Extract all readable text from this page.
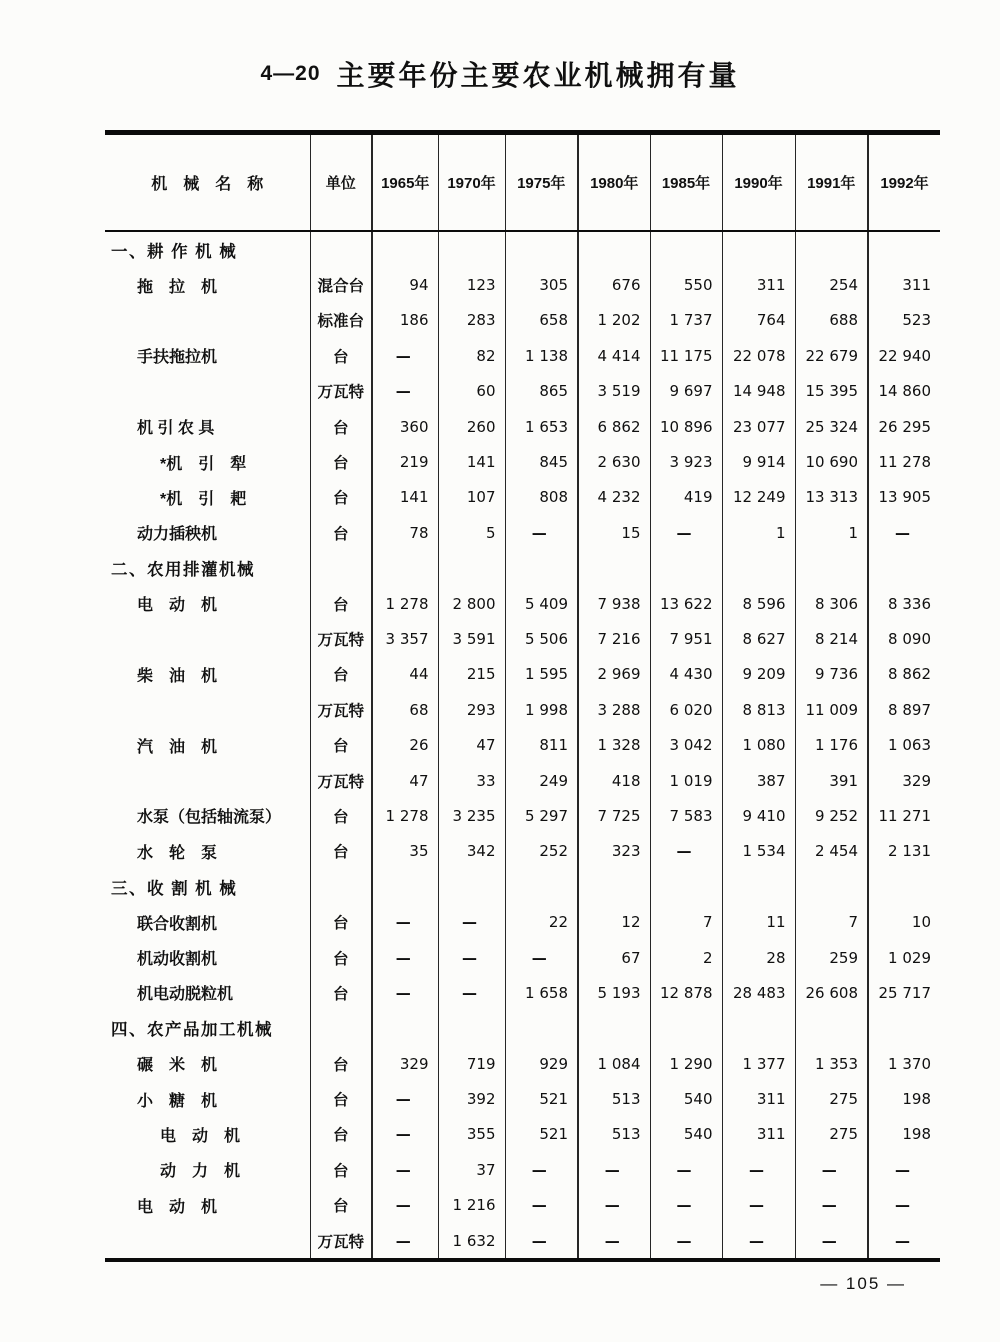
4—20 主要年份主要农业机械拥有量
机　械　名　称	单位	1965年	1970年	1975年	1980年	1985年	1990年	1991年	1992年
一、耕 作 机 械									
拖　拉　机	混合台	94	123	305	676	550	311	254	311
	标准台	186	283	658	1 202	1 737	764	688	523
手扶拖拉机	台	—	82	1 138	4 414	11 175	22 078	22 679	22 940
	万瓦特	—	60	865	3 519	9 697	14 948	15 395	14 860
机 引 农 具	台	360	260	1 653	6 862	10 896	23 077	25 324	26 295
*机　引　犁	台	219	141	845	2 630	3 923	9 914	10 690	11 278
*机　引　耙	台	141	107	808	4 232	419	12 249	13 313	13 905
动力插秧机	台	78	5	—	15	—	1	1	—
二、农用排灌机械									
电　动　机	台	1 278	2 800	5 409	7 938	13 622	8 596	8 306	8 336
	万瓦特	3 357	3 591	5 506	7 216	7 951	8 627	8 214	8 090
柴　油　机	台	44	215	1 595	2 969	4 430	9 209	9 736	8 862
	万瓦特	68	293	1 998	3 288	6 020	8 813	11 009	8 897
汽　油　机	台	26	47	811	1 328	3 042	1 080	1 176	1 063
	万瓦特	47	33	249	418	1 019	387	391	329
水泵（包括轴流泵）	台	1 278	3 235	5 297	7 725	7 583	9 410	9 252	11 271
水　轮　泵	台	35	342	252	323	—	1 534	2 454	2 131
三、收 割 机 械									
联合收割机	台	—	—	22	12	7	11	7	10
机动收割机	台	—	—	—	67	2	28	259	1 029
机电动脱粒机	台	—	—	1 658	5 193	12 878	28 483	26 608	25 717
四、农产品加工机械									
碾　米　机	台	329	719	929	1 084	1 290	1 377	1 353	1 370
小　糖　机	台	—	392	521	513	540	311	275	198
电　动　机	台	—	355	521	513	540	311	275	198
动　力　机	台	—	37	—	—	—	—	—	—
电　动　机	台	—	1 216	—	—	—	—	—	—
	万瓦特	—	1 632	—	—	—	—	—	—
— 105 —
